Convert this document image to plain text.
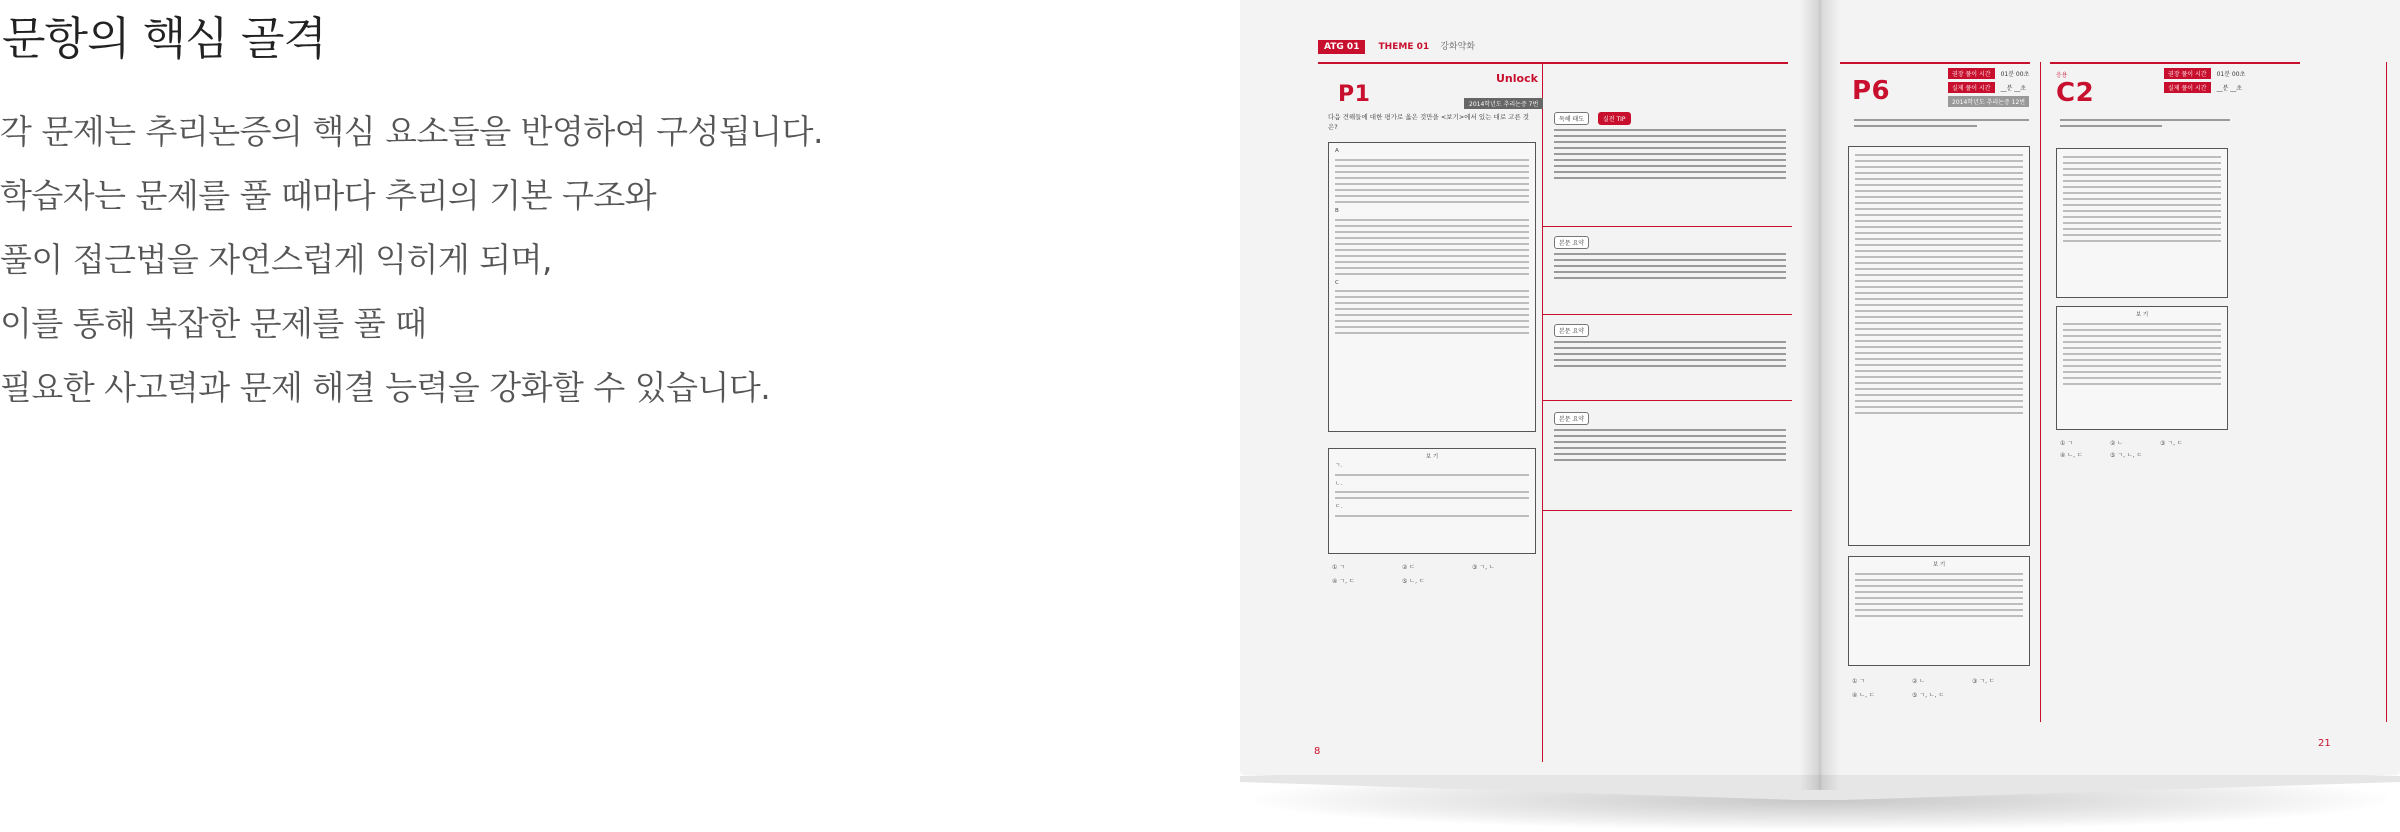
문항의 핵심 골격

각 문제는 추리논증의 핵심 요소들을 반영하여 구성됩니다.

학습자는 문제를 풀 때마다 추리의 기본 구조와

풀이 접근법을 자연스럽게 익히게 되며,

이를 통해 복잡한 문제를 풀 때

필요한 사고력과 문제 해결 능력을 강화할 수 있습니다.

ATG 01 THEME 01 강화약화
P1
Unlock
2014학년도 추리논증 7번
다음 견해들에 대한 평가로 옳은 것만을 <보기>에서 있는 대로 고른 것은?
A
B
C
보 기
ㄱ.
ㄴ.
ㄷ.
① ㄱ	② ㄷ	③ ㄱ, ㄴ
④ ㄱ, ㄷ	⑤ ㄴ, ㄷ
독해 태도	실전 TIP
본문 요약
본문 요약
본문 요약
8
P6
권장 풀이 시간 01분 00초
실제 풀이 시간 __분 __초
2014학년도 추리논증 12번
보 기
① ㄱ	② ㄴ	③ ㄱ, ㄷ
④ ㄴ, ㄷ	⑤ ㄱ, ㄴ, ㄷ
응용
C2
권장 풀이 시간 01분 00초
실제 풀이 시간 __분 __초
보 기
① ㄱ	② ㄴ	③ ㄱ, ㄷ
④ ㄴ, ㄷ	⑤ ㄱ, ㄴ, ㄷ
21
